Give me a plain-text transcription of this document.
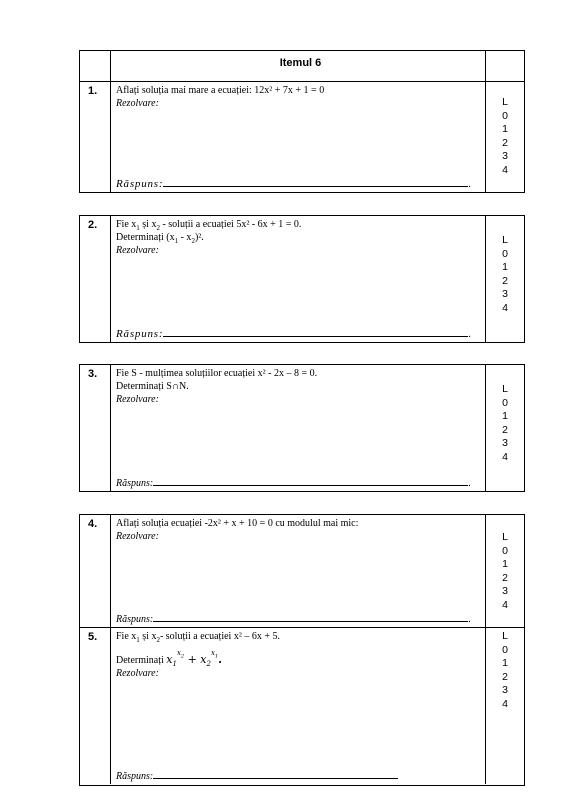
Itemul 6
1.	Aflați soluția mai mare a ecuației: 12x² + 7x + 1 = 0
Rezolvare:
Răspuns:	.
L
0
1
2
3
4
2.	Fie $x_1$ și $x_2$ - soluții a ecuației 5x² - 6x + 1 = 0.
Determinați $(x_1 - x_2)^2$.
Rezolvare:
Răspuns:	.
L
0
1
2
3
4
3.	Fie S - mulțimea soluțiilor ecuației x² - 2x – 8 = 0.
Determinați S∩N.
Rezolvare:
Răspuns:	.
L
0
1
2
3
4
4.	Aflați soluția ecuației -2x² + x + 10 = 0 cu modulul mai mic:
Rezolvare:
Răspuns:	.
L
0
1
2
3
4
5.	Fie $x_1$ și $x_2-$ soluții a ecuației x² – 6x + 5.
Determinați $x_1^{x_2} + x_2^{x_1}$.
Rezolvare:
Răspuns:
L
0
1
2
3
4
